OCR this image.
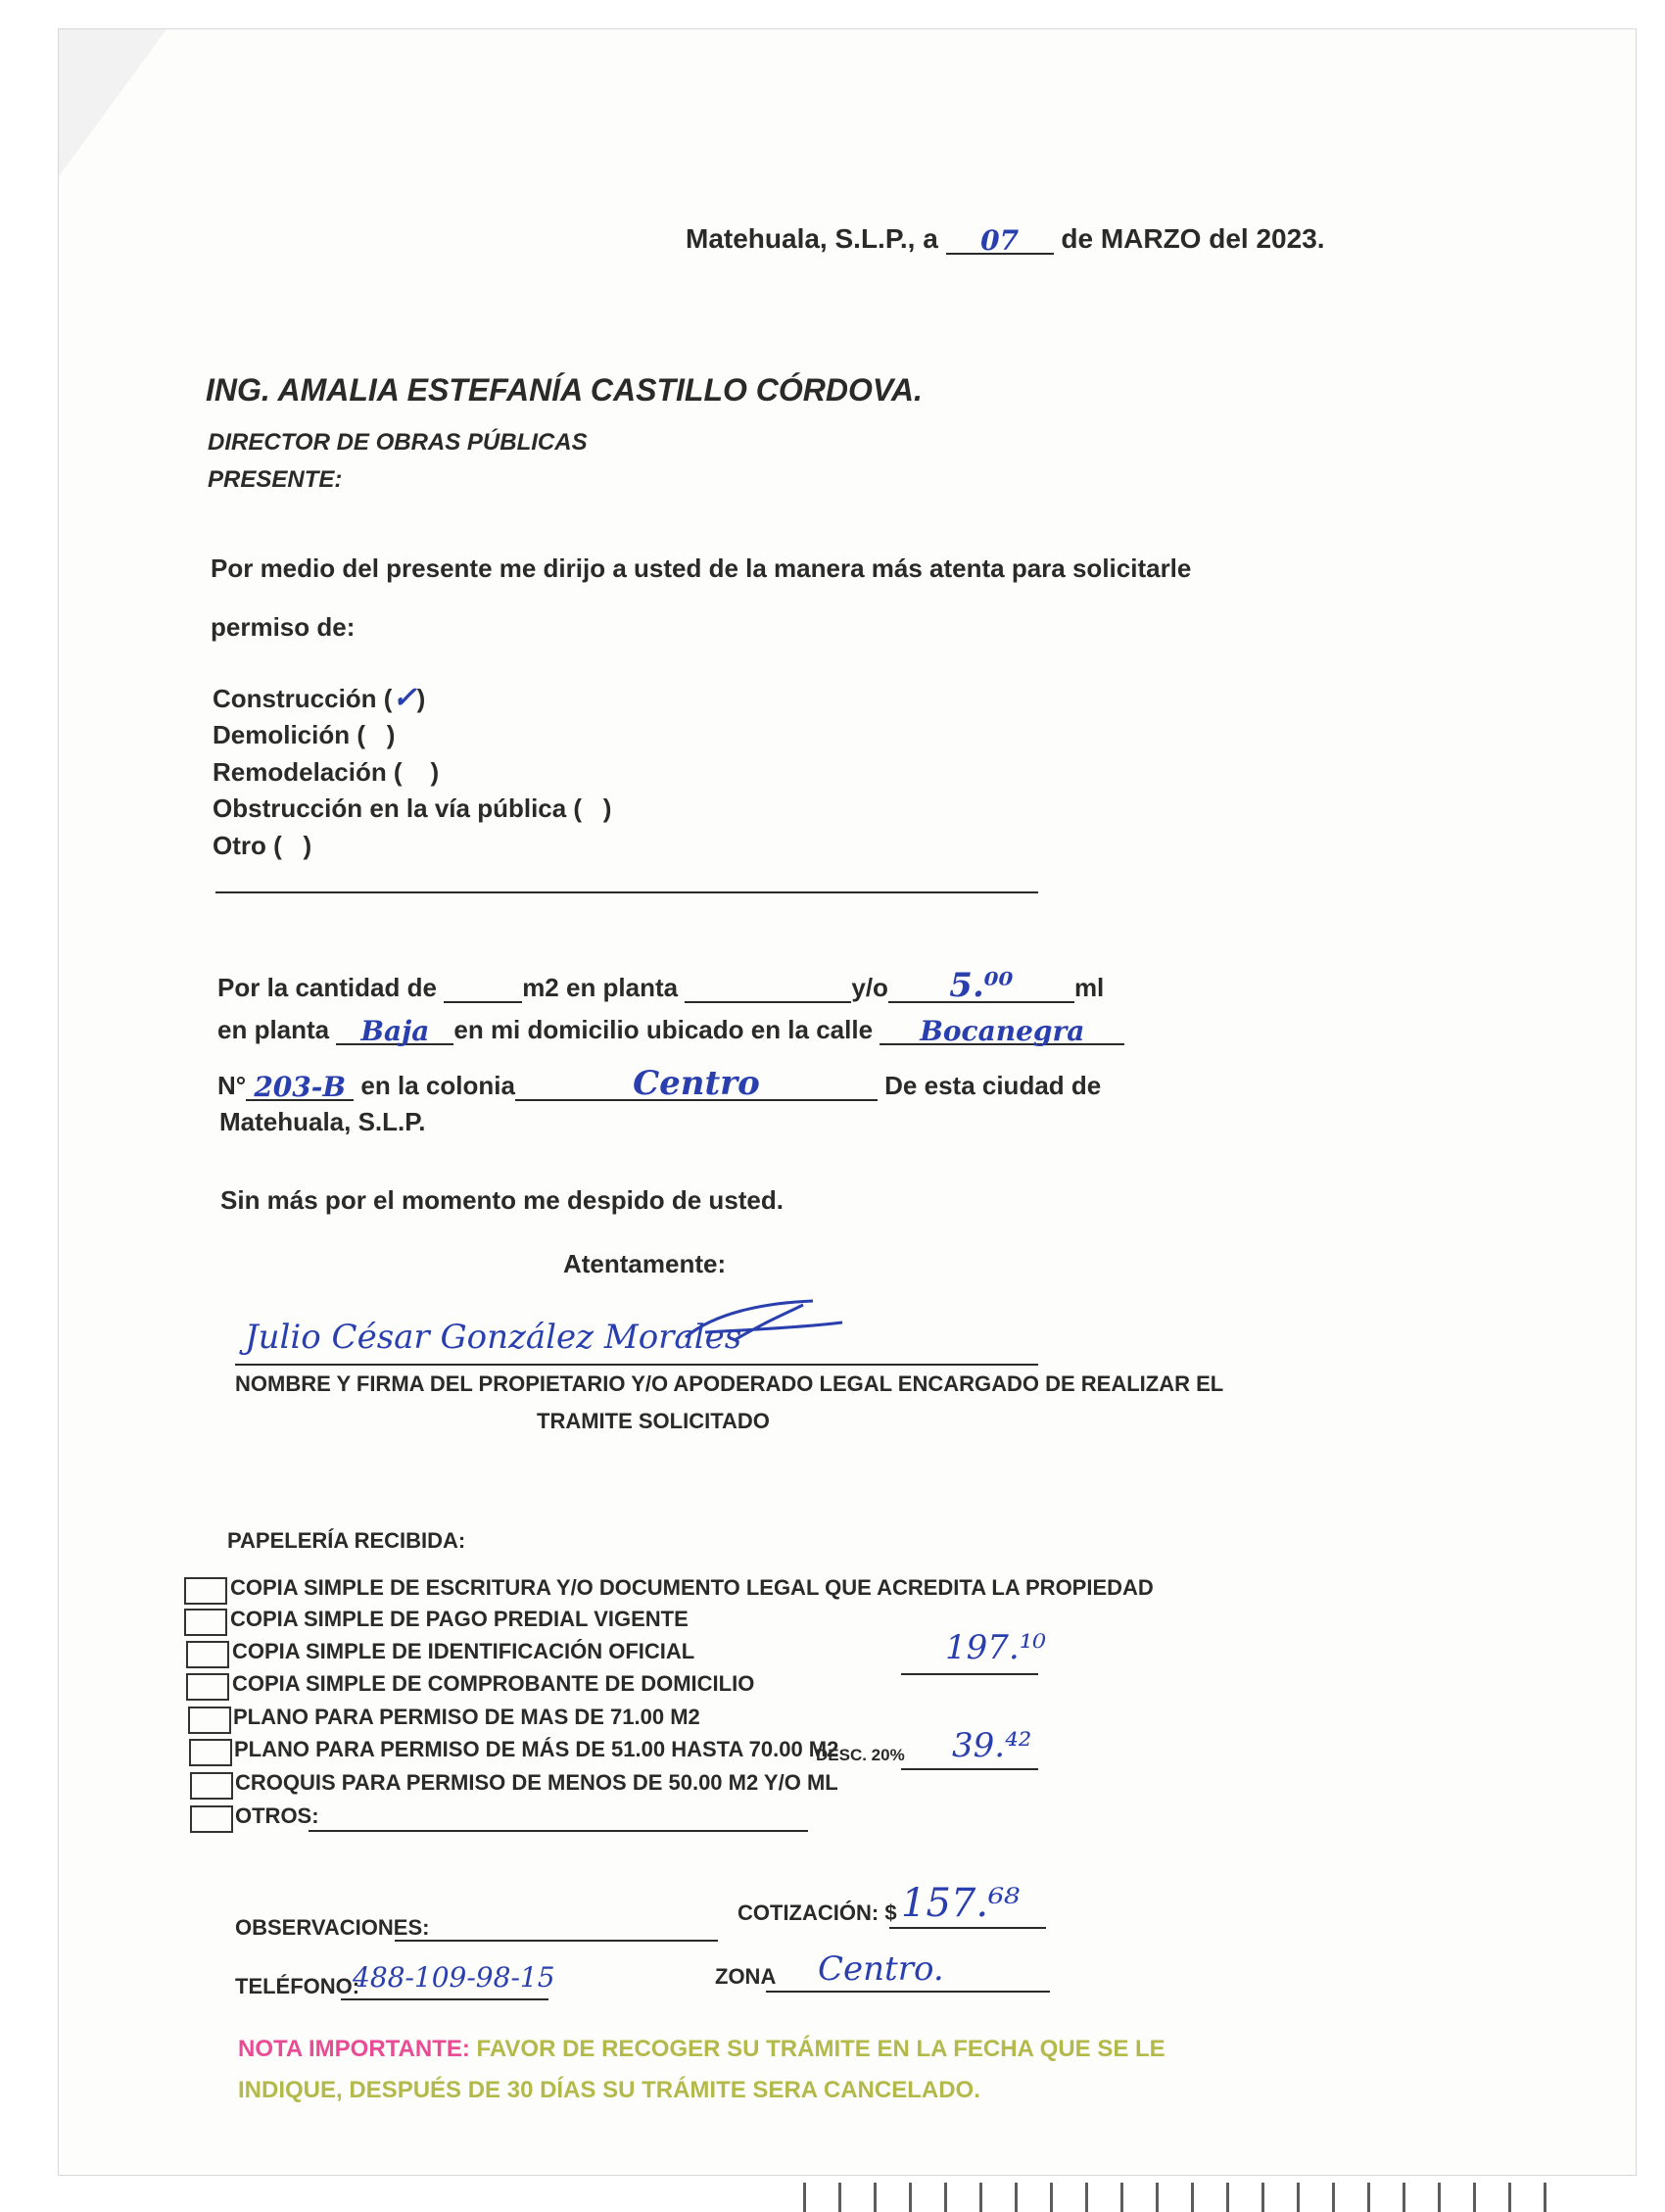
Matehuala, S.L.P., a 07 de MARZO del 2023.
ING. AMALIA ESTEFANÍA CASTILLO CÓRDOVA.
DIRECTOR DE OBRAS PÚBLICAS
PRESENTE:
Por medio del presente me dirijo a usted de la manera más atenta para solicitarle
permiso de:
Construcción (✓)
Demolición ( )
Remodelación ( )
Obstrucción en la vía pública ( )
Otro ( )
Por la cantidad de	m2 en planta	y/o 5.⁰⁰ ml
en planta Baja en mi domicilio ubicado en la calle Bocanegra
N° 203-B en la colonia	Centro	De esta ciudad de
Matehuala, S.L.P.
Sin más por el momento me despido de usted.
Atentamente:
Julio César González Morales
NOMBRE Y FIRMA DEL PROPIETARIO Y/O APODERADO LEGAL ENCARGADO DE REALIZAR EL
TRAMITE SOLICITADO
PAPELERÍA RECIBIDA:
COPIA SIMPLE DE ESCRITURA Y/O DOCUMENTO LEGAL QUE ACREDITA LA PROPIEDAD
COPIA SIMPLE DE PAGO PREDIAL VIGENTE
COPIA SIMPLE DE IDENTIFICACIÓN OFICIAL
COPIA SIMPLE DE COMPROBANTE DE DOMICILIO
PLANO PARA PERMISO DE MAS DE 71.00 M2
PLANO PARA PERMISO DE MÁS DE 51.00 HASTA 70.00 M2
CROQUIS PARA PERMISO DE MENOS DE 50.00 M2 Y/O ML
OTROS:
197.¹⁰
DESC. 20% 39.⁴²
OBSERVACIONES:
COTIZACIÓN: $ 157.⁶⁸
TELÉFONO:
488-109-98-15	ZONA Centro.
NOTA IMPORTANTE: FAVOR DE RECOGER SU TRÁMITE EN LA FECHA QUE SE LE
INDIQUE, DESPUÉS DE 30 DÍAS SU TRÁMITE SERA CANCELADO.
